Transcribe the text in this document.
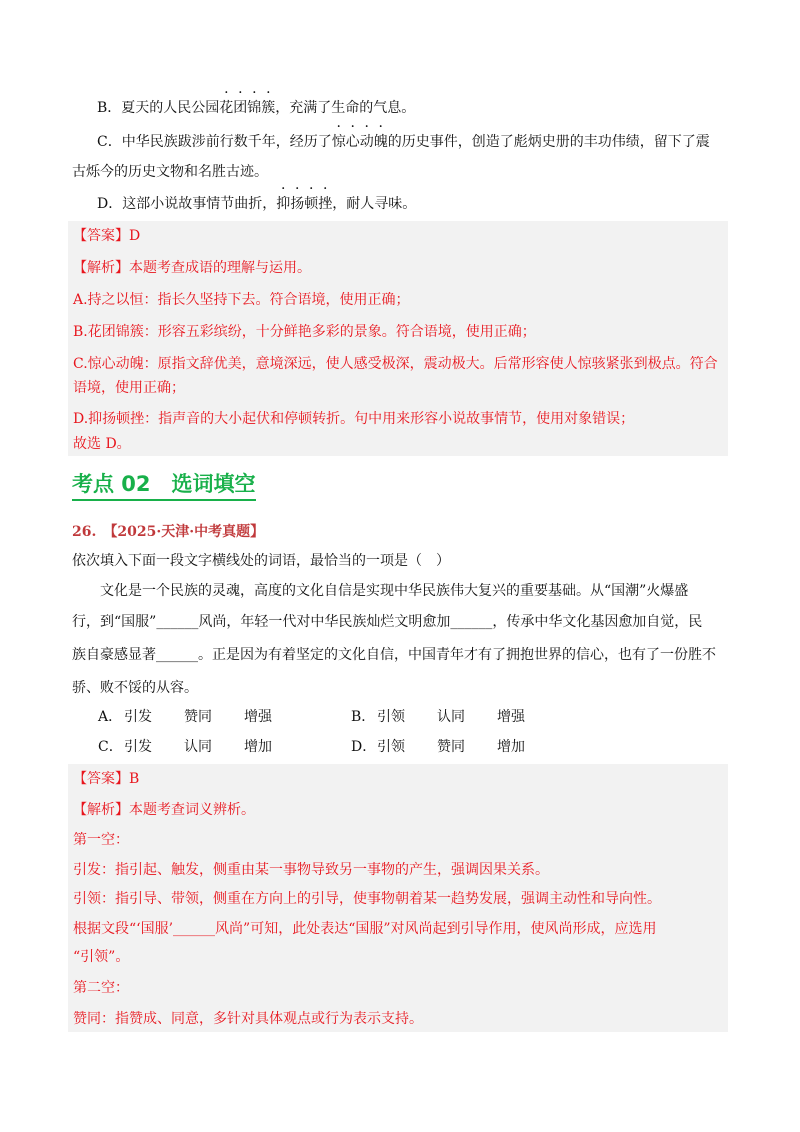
B．夏天的人民公园花团锦簇，充满了生命的气息。
C．中华民族跋涉前行数千年，经历了惊心动魄的历史事件，创造了彪炳史册的丰功伟绩，留下了震
古烁今的历史文物和名胜古迹。
D．这部小说故事情节曲折，抑扬顿挫，耐人寻味。
【答案】D
【解析】本题考查成语的理解与运用。
A.持之以恒：指长久坚持下去。符合语境，使用正确；
B.花团锦簇：形容五彩缤纷，十分鲜艳多彩的景象。符合语境，使用正确；
C.惊心动魄：原指文辞优美，意境深远，使人感受极深，震动极大。后常形容使人惊骇紧张到极点。符合
语境，使用正确；
D.抑扬顿挫：指声音的大小起伏和停顿转折。句中用来形容小说故事情节，使用对象错误；
故选 D。
考点 02　选词填空
26.　【2025·天津·中考真题】
依次填入下面一段文字横线处的词语，最恰当的一项是（　）
文化是一个民族的灵魂，高度的文化自信是实现中华民族伟大复兴的重要基础。从“国潮”火爆盛
行，到“国服”______风尚，年轻一代对中华民族灿烂文明愈加______，传承中华文化基因愈加自觉，民
族自豪感显著______。正是因为有着坚定的文化自信，中国青年才有了拥抱世界的信心，也有了一份胜不
骄、败不馁的从容。
A． 引发 赞同 增强	B． 引领 认同 增强
C． 引发 认同 增加	D． 引领 赞同 增加
【答案】B
【解析】本题考查词义辨析。
第一空：
引发：指引起、触发，侧重由某一事物导致另一事物的产生，强调因果关系。
引领：指引导、带领，侧重在方向上的引导，使事物朝着某一趋势发展，强调主动性和导向性。
根据文段“‘国服’______风尚”可知，此处表达“国服”对风尚起到引导作用，使风尚形成，应选用
“引领”。
第二空：
赞同：指赞成、同意，多针对具体观点或行为表示支持。
